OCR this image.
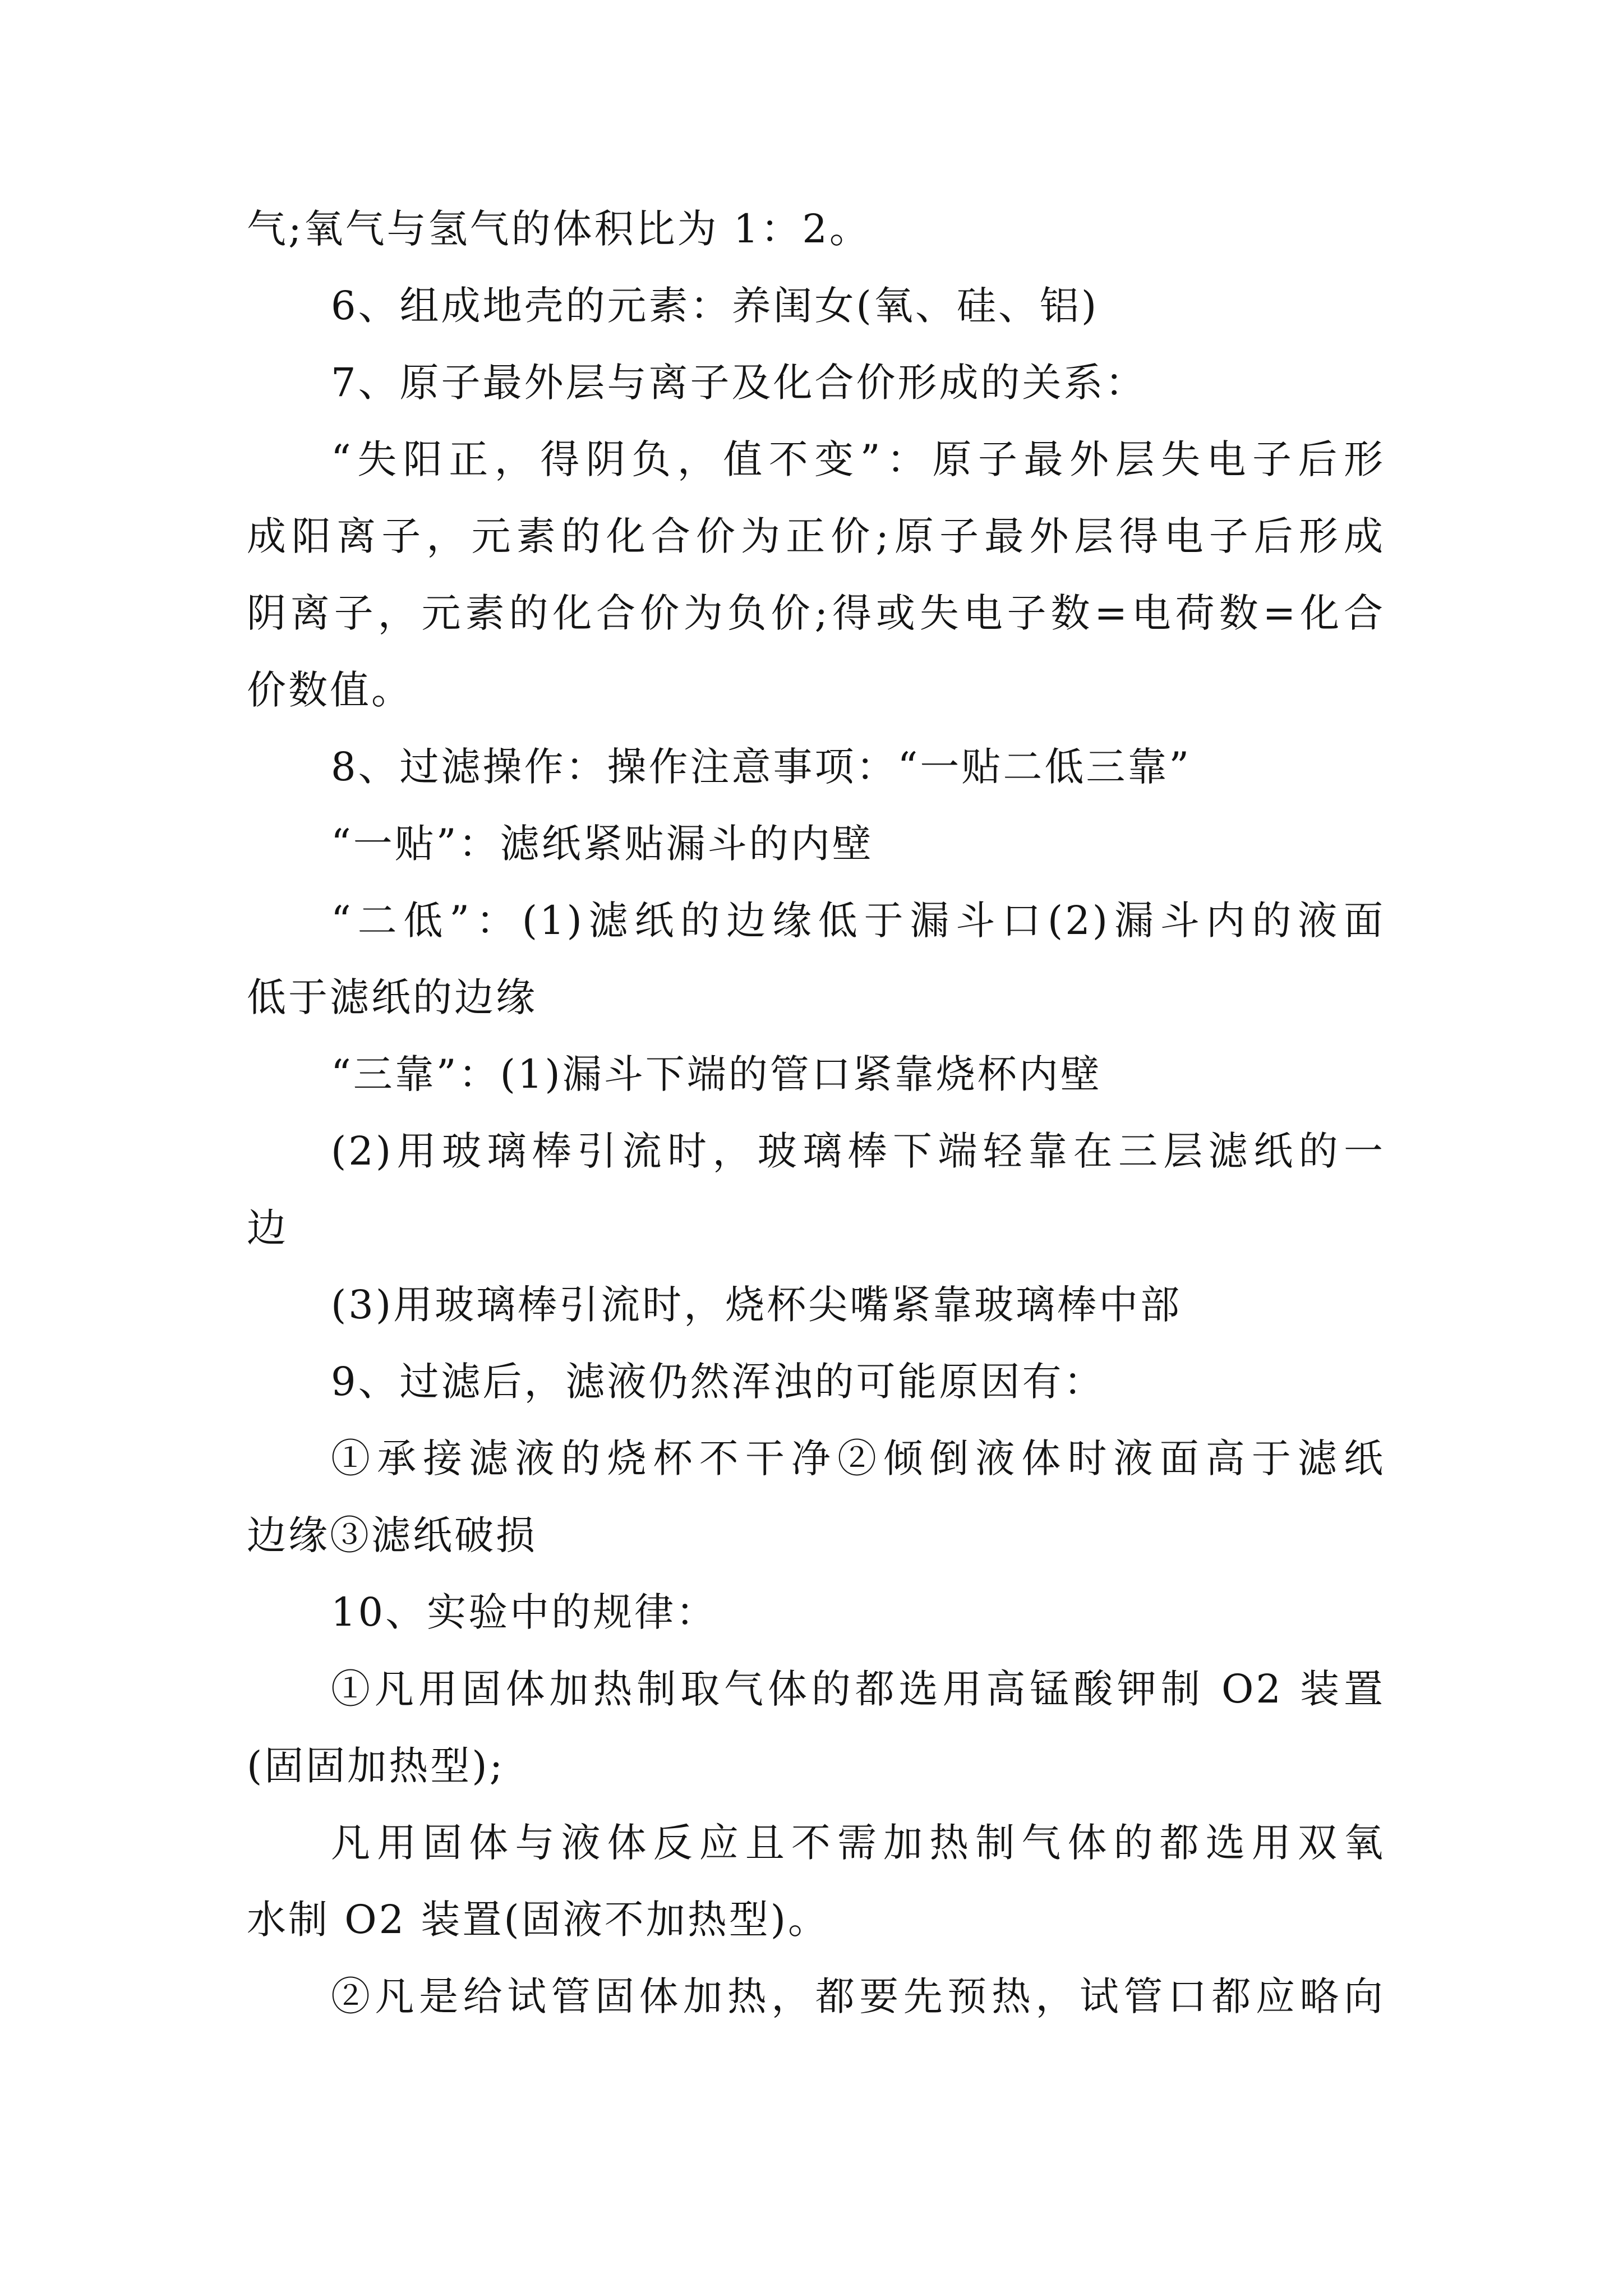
气;氧气与氢气的体积比为 1：2。
6、组成地壳的元素：养闺女(氧、硅、铝)
7、原子最外层与离子及化合价形成的关系：
“失阳正，得阴负，值不变”：原子最外层失电子后形
成阳离子，元素的化合价为正价;原子最外层得电子后形成
阴离子，元素的化合价为负价;得或失电子数=电荷数=化合
价数值。
8、过滤操作：操作注意事项：“一贴二低三靠”
“一贴”：滤纸紧贴漏斗的内壁
“二低”：(1)滤纸的边缘低于漏斗口(2)漏斗内的液面
低于滤纸的边缘
“三靠”：(1)漏斗下端的管口紧靠烧杯内壁
(2)用玻璃棒引流时，玻璃棒下端轻靠在三层滤纸的一
边
(3)用玻璃棒引流时，烧杯尖嘴紧靠玻璃棒中部
9、过滤后，滤液仍然浑浊的可能原因有：
①承接滤液的烧杯不干净②倾倒液体时液面高于滤纸
边缘③滤纸破损
10、实验中的规律：
①凡用固体加热制取气体的都选用高锰酸钾制 O2 装置
(固固加热型);
凡用固体与液体反应且不需加热制气体的都选用双氧
水制 O2 装置(固液不加热型)。
②凡是给试管固体加热，都要先预热，试管口都应略向
